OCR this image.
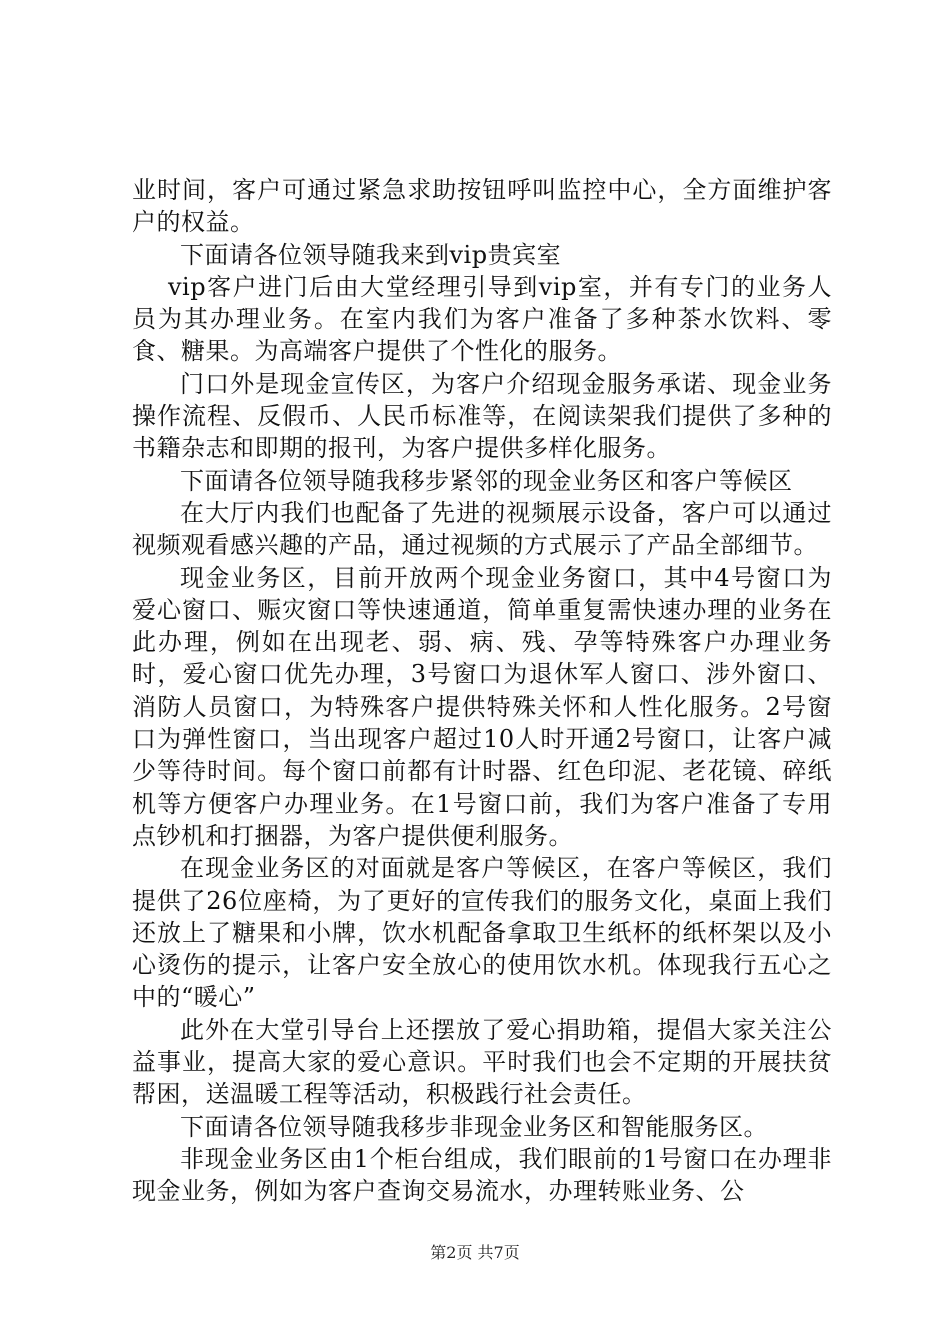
业时间，客户可通过紧急求助按钮呼叫监控中心，全方面维护客户的权益。

下面请各位领导随我来到vip贵宾室

vip客户进门后由大堂经理引导到vip室，并有专门的业务人员为其办理业务。在室内我们为客户准备了多种茶水饮料、零食、糖果。为高端客户提供了个性化的服务。

门口外是现金宣传区，为客户介绍现金服务承诺、现金业务操作流程、反假币、人民币标准等，在阅读架我们提供了多种的书籍杂志和即期的报刊，为客户提供多样化服务。

下面请各位领导随我移步紧邻的现金业务区和客户等候区

在大厅内我们也配备了先进的视频展示设备，客户可以通过视频观看感兴趣的产品，通过视频的方式展示了产品全部细节。

现金业务区，目前开放两个现金业务窗口，其中4号窗口为爱心窗口、赈灾窗口等快速通道，简单重复需快速办理的业务在此办理，例如在出现老、弱、病、残、孕等特殊客户办理业务时，爱心窗口优先办理，3号窗口为退休军人窗口、涉外窗口、消防人员窗口，为特殊客户提供特殊关怀和人性化服务。2号窗口为弹性窗口，当出现客户超过10人时开通2号窗口，让客户减少等待时间。每个窗口前都有计时器、红色印泥、老花镜、碎纸机等方便客户办理业务。在1号窗口前，我们为客户准备了专用点钞机和打捆器，为客户提供便利服务。

在现金业务区的对面就是客户等候区，在客户等候区，我们提供了26位座椅，为了更好的宣传我们的服务文化，桌面上我们还放上了糖果和小牌，饮水机配备拿取卫生纸杯的纸杯架以及小心烫伤的提示，让客户安全放心的使用饮水机。体现我行五心之中的“暖心”

此外在大堂引导台上还摆放了爱心捐助箱，提倡大家关注公益事业，提高大家的爱心意识。平时我们也会不定期的开展扶贫帮困，送温暖工程等活动，积极践行社会责任。

下面请各位领导随我移步非现金业务区和智能服务区。

非现金业务区由1个柜台组成，我们眼前的1号窗口在办理非现金业务，例如为客户查询交易流水，办理转账业务、公

第2页 共7页
